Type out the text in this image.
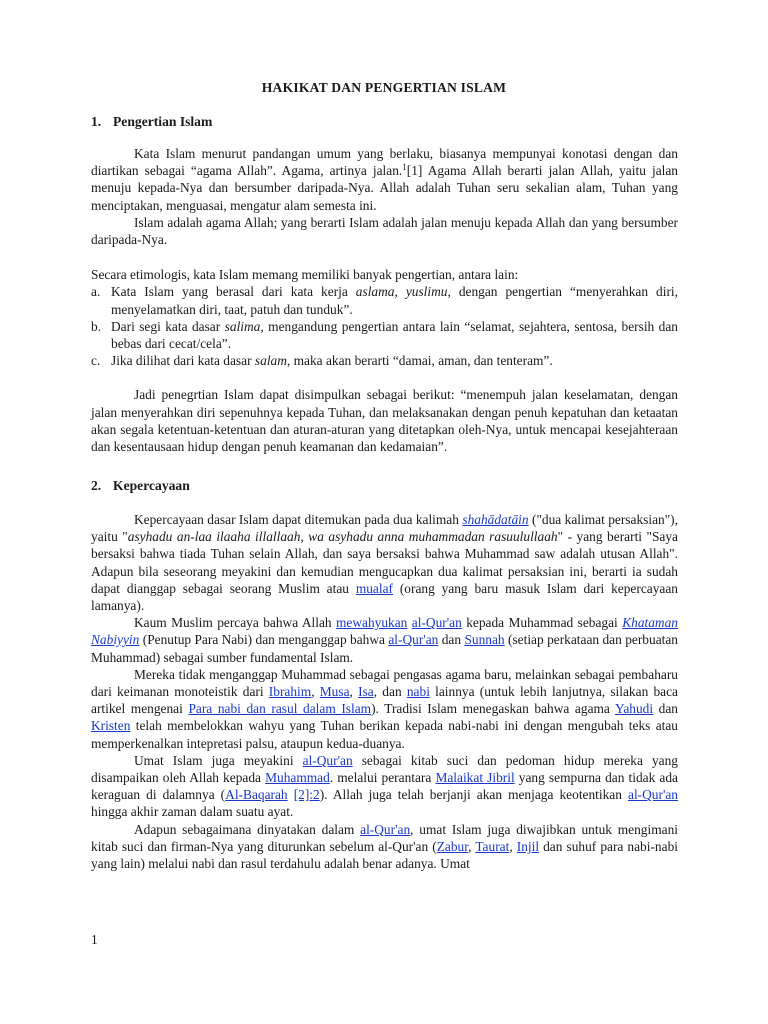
HAKIKAT DAN PENGERTIAN ISLAM
1. Pengertian Islam

Kata Islam menurut pandangan umum yang berlaku, biasanya mempunyai konotasi dengan dan diartikan sebagai “agama Allah”. Agama, artinya jalan.$^1$[1] Agama Allah berarti jalan Allah, yaitu jalan menuju kepada-Nya dan bersumber daripada-Nya. Allah adalah Tuhan seru sekalian alam, Tuhan yang menciptakan, menguasai, mengatur alam semesta ini.

Islam adalah agama Allah; yang berarti Islam adalah jalan menuju kepada Allah dan yang bersumber daripada-Nya.

Secara etimologis, kata Islam memang memiliki banyak pengertian, antara lain:

a. Kata Islam yang berasal dari kata kerja aslama, yuslimu, dengan pengertian “menyerahkan diri, menyelamatkan diri, taat, patuh dan tunduk”.
b. Dari segi kata dasar salima, mengandung pengertian antara lain “selamat, sejahtera, sentosa, bersih dan bebas dari cecat/cela”.
c. Jika dilihat dari kata dasar salam, maka akan berarti “damai, aman, dan tenteram”.

Jadi penegrtian Islam dapat disimpulkan sebagai berikut: “menempuh jalan keselamatan, dengan jalan menyerahkan diri sepenuhnya kepada Tuhan, dan melaksanakan dengan penuh kepatuhan dan ketaatan akan segala ketentuan-ketentuan dan aturan-aturan yang ditetapkan oleh-Nya, untuk mencapai kesejahteraan dan kesentausaan hidup dengan penuh keamanan dan kedamaian”.

2. Kepercayaan

Kepercayaan dasar Islam dapat ditemukan pada dua kalimah shahādatāin ("dua kalimat persaksian"), yaitu "asyhadu an-laa ilaaha illallaah, wa asyhadu anna muhammadan rasuulullaah" - yang berarti "Saya bersaksi bahwa tiada Tuhan selain Allah, dan saya bersaksi bahwa Muhammad saw adalah utusan Allah". Adapun bila seseorang meyakini dan kemudian mengucapkan dua kalimat persaksian ini, berarti ia sudah dapat dianggap sebagai seorang Muslim atau mualaf (orang yang baru masuk Islam dari kepercayaan lamanya).

Kaum Muslim percaya bahwa Allah mewahyukan al-Qur'an kepada Muhammad sebagai Khataman Nabiyyin (Penutup Para Nabi) dan menganggap bahwa al-Qur'an dan Sunnah (setiap perkataan dan perbuatan Muhammad) sebagai sumber fundamental Islam.

Mereka tidak menganggap Muhammad sebagai pengasas agama baru, melainkan sebagai pembaharu dari keimanan monoteistik dari Ibrahim, Musa, Isa, dan nabi lainnya (untuk lebih lanjutnya, silakan baca artikel mengenai Para nabi dan rasul dalam Islam). Tradisi Islam menegaskan bahwa agama Yahudi dan Kristen telah membelokkan wahyu yang Tuhan berikan kepada nabi-nabi ini dengan mengubah teks atau memperkenalkan intepretasi palsu, ataupun kedua-duanya.

Umat Islam juga meyakini al-Qur'an sebagai kitab suci dan pedoman hidup mereka yang disampaikan oleh Allah kepada Muhammad. melalui perantara Malaikat Jibril yang sempurna dan tidak ada keraguan di dalamnya (Al-Baqarah [2]:2). Allah juga telah berjanji akan menjaga keotentikan al-Qur'an hingga akhir zaman dalam suatu ayat.

Adapun sebagaimana dinyatakan dalam al-Qur'an, umat Islam juga diwajibkan untuk mengimani kitab suci dan firman-Nya yang diturunkan sebelum al-Qur'an (Zabur, Taurat, Injil dan suhuf para nabi-nabi yang lain) melalui nabi dan rasul terdahulu adalah benar adanya. Umat

1
